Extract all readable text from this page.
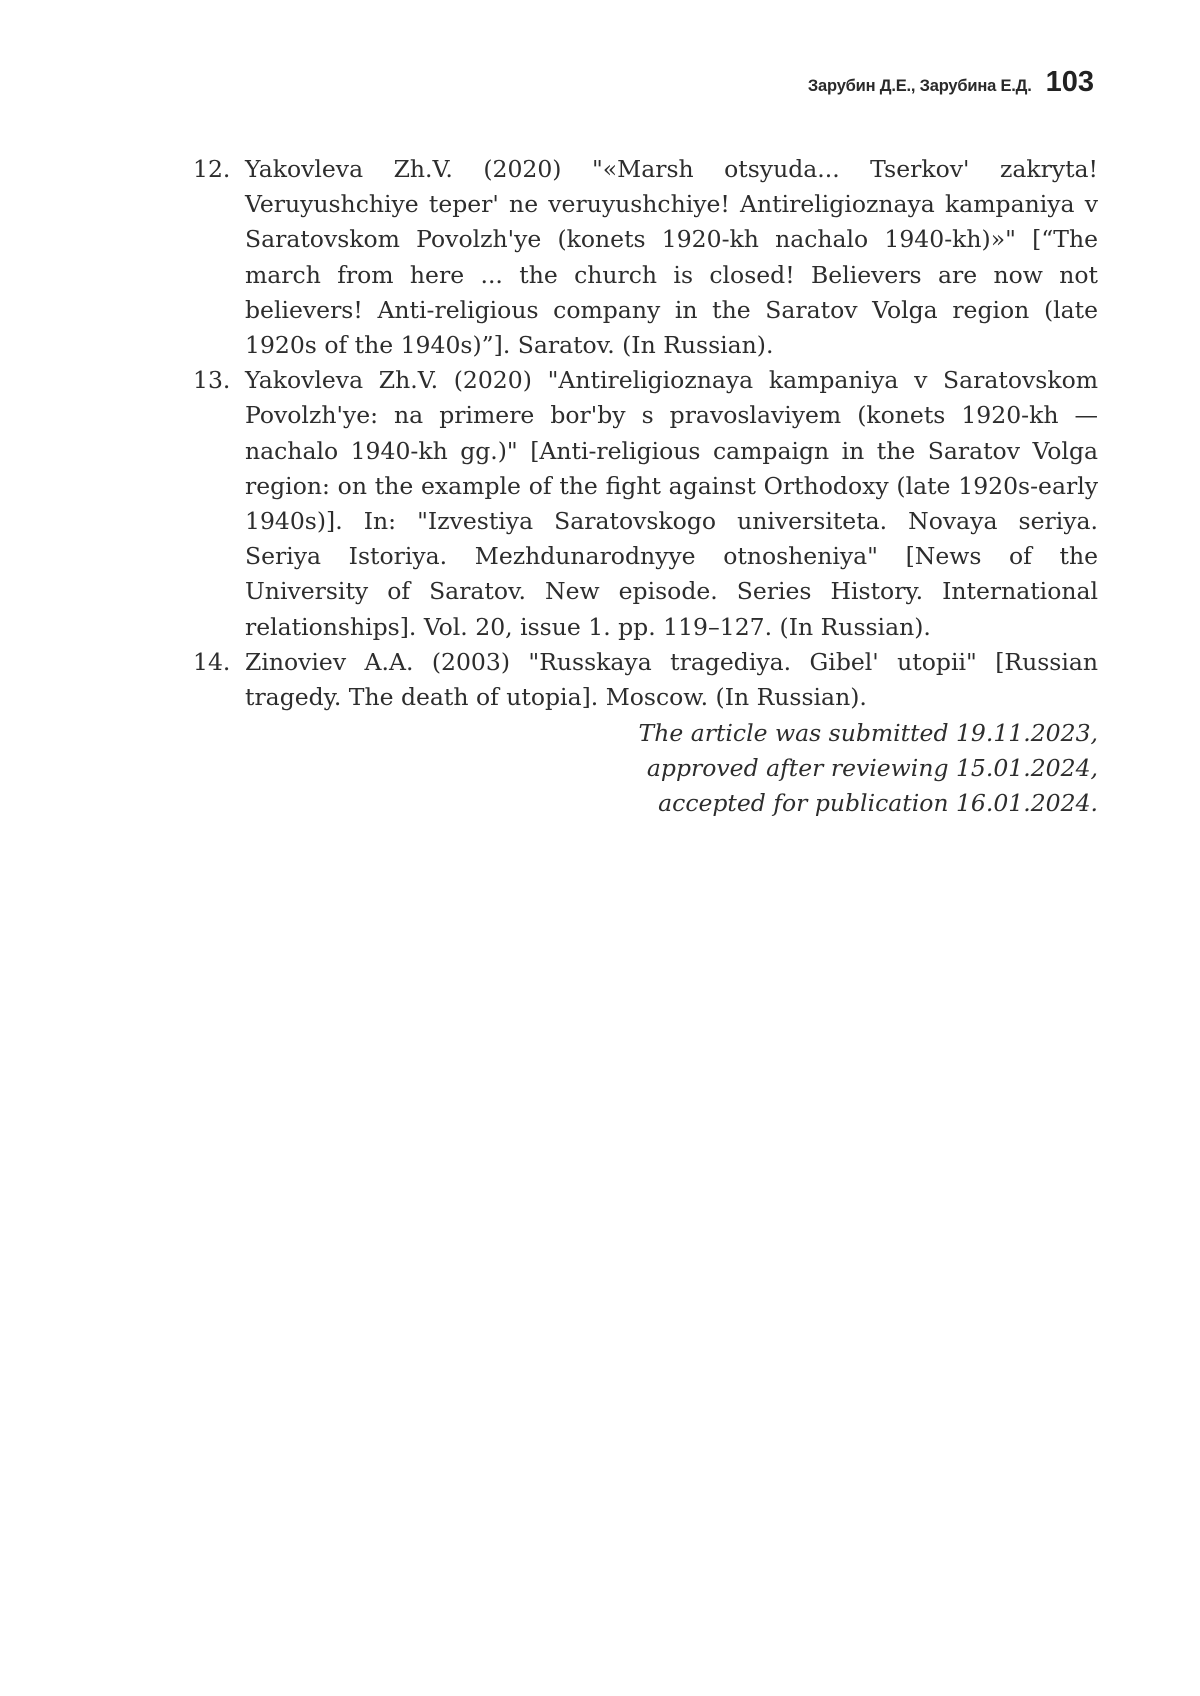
Зарубин Д.Е., Зарубина Е.Д. 103
12. Yakovleva Zh.V. (2020) "«Marsh otsyuda... Tserkov' zakryta! Veruyushchiye teper' ne veruyushchiye! Antireligioznaya kampaniya v Saratovskom Povolzh'ye (konets 1920-kh nachalo 1940-kh)»" [“The march from here ... the church is closed! Believers are now not believers! Anti-religious company in the Saratov Volga region (late 1920s of the 1940s)”]. Saratov. (In Russian).
13. Yakovleva Zh.V. (2020) "Antireligioznaya kampaniya v Saratovskom Povolzh'ye: na primere bor'by s pravoslaviyem (konets 1920-kh — nachalo 1940-kh gg.)" [Anti-religious campaign in the Saratov Volga region: on the example of the fight against Orthodoxy (late 1920s-early 1940s)]. In: "Izvestiya Saratovskogo universiteta. Novaya seriya. Seriya Istoriya. Mezhdunarodnyye otnosheniya" [News of the University of Saratov. New episode. Series History. International relationships]. Vol. 20, issue 1. pp. 119–127. (In Russian).
14. Zinoviev A.A. (2003) "Russkaya tragediya. Gibel' utopii" [Russian tragedy. The death of utopia]. Moscow. (In Russian).
The article was submitted 19.11.2023,
approved after reviewing 15.01.2024,
accepted for publication 16.01.2024.
